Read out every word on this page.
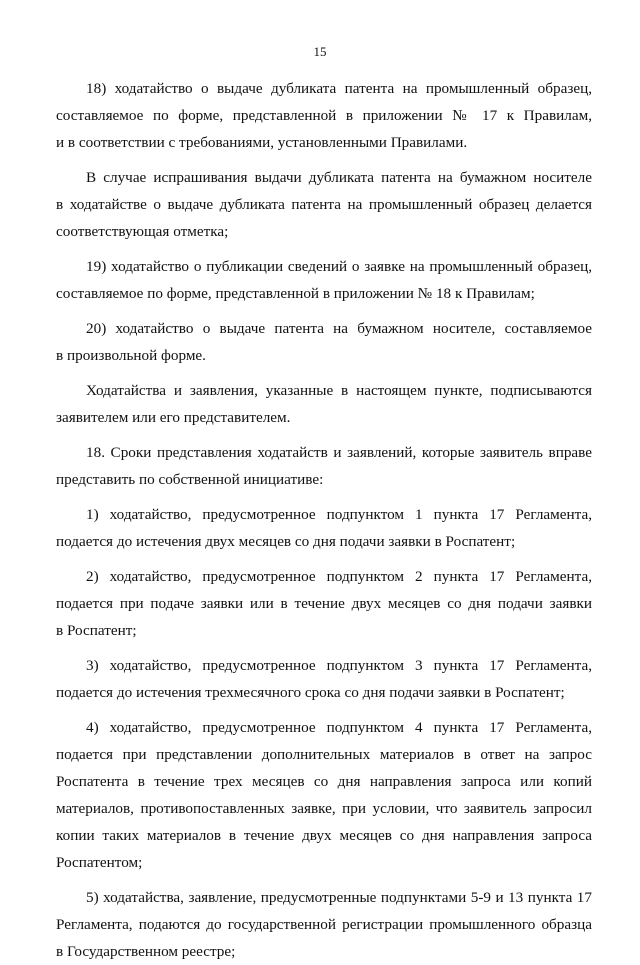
15
18) ходатайство о выдаче дубликата патента на промышленный образец,
составляемое по форме, представленной в приложении № 17 к Правилам,
и в соответствии с требованиями, установленными Правилами.
В случае испрашивания выдачи дубликата патента на бумажном носителе
в ходатайстве о выдаче дубликата патента на промышленный образец делается
соответствующая отметка;
19) ходатайство о публикации сведений о заявке на промышленный образец,
составляемое по форме, представленной в приложении № 18 к Правилам;
20) ходатайство о выдаче патента на бумажном носителе, составляемое
в произвольной форме.
Ходатайства и заявления, указанные в настоящем пункте, подписываются
заявителем или его представителем.
18. Сроки представления ходатайств и заявлений, которые заявитель вправе
представить по собственной инициативе:
1) ходатайство, предусмотренное подпунктом 1 пункта 17 Регламента,
подается до истечения двух месяцев со дня подачи заявки в Роспатент;
2) ходатайство, предусмотренное подпунктом 2 пункта 17 Регламента,
подается при подаче заявки или в течение двух месяцев со дня подачи заявки
в Роспатент;
3) ходатайство, предусмотренное подпунктом 3 пункта 17 Регламента,
подается до истечения трехмесячного срока со дня подачи заявки в Роспатент;
4) ходатайство, предусмотренное подпунктом 4 пункта 17 Регламента,
подается при представлении дополнительных материалов в ответ на запрос
Роспатента в течение трех месяцев со дня направления запроса или копий
материалов, противопоставленных заявке, при условии, что заявитель запросил
копии таких материалов в течение двух месяцев со дня направления запроса
Роспатентом;
5) ходатайства, заявление, предусмотренные подпунктами 5-9 и 13 пункта 17
Регламента, подаются до государственной регистрации промышленного образца
в Государственном реестре;
